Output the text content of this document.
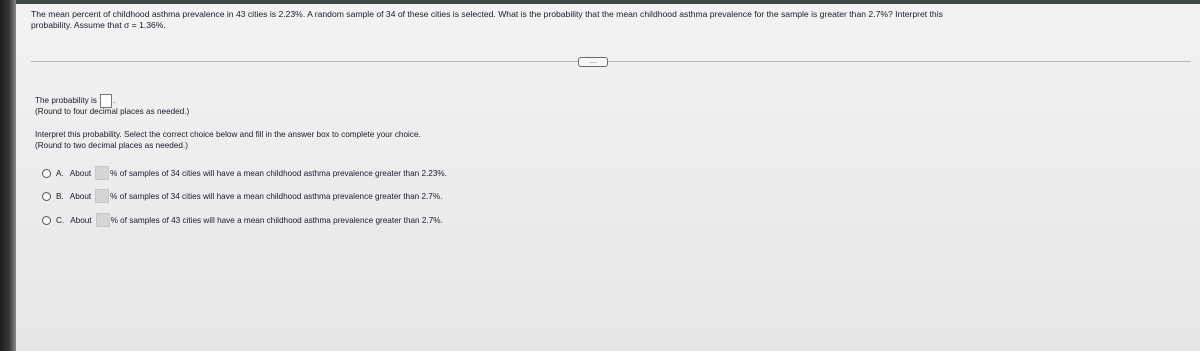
The mean percent of childhood asthma prevalence in 43 cities is 2.23%. A random sample of 34 of these cities is selected. What is the probability that the mean childhood asthma prevalence for the sample is greater than 2.7%? Interpret this
probability. Assume that σ = 1.36%.
....
The probability is .
(Round to four decimal places as needed.)
Interpret this probability. Select the correct choice below and fill in the answer box to complete your choice.
(Round to two decimal places as needed.)
A. About % of samples of 34 cities will have a mean childhood asthma prevalence greater than 2.23%.
B. About % of samples of 34 cities will have a mean childhood asthma prevalence greater than 2.7%.
C. About % of samples of 43 cities will have a mean childhood asthma prevalence greater than 2.7%.
